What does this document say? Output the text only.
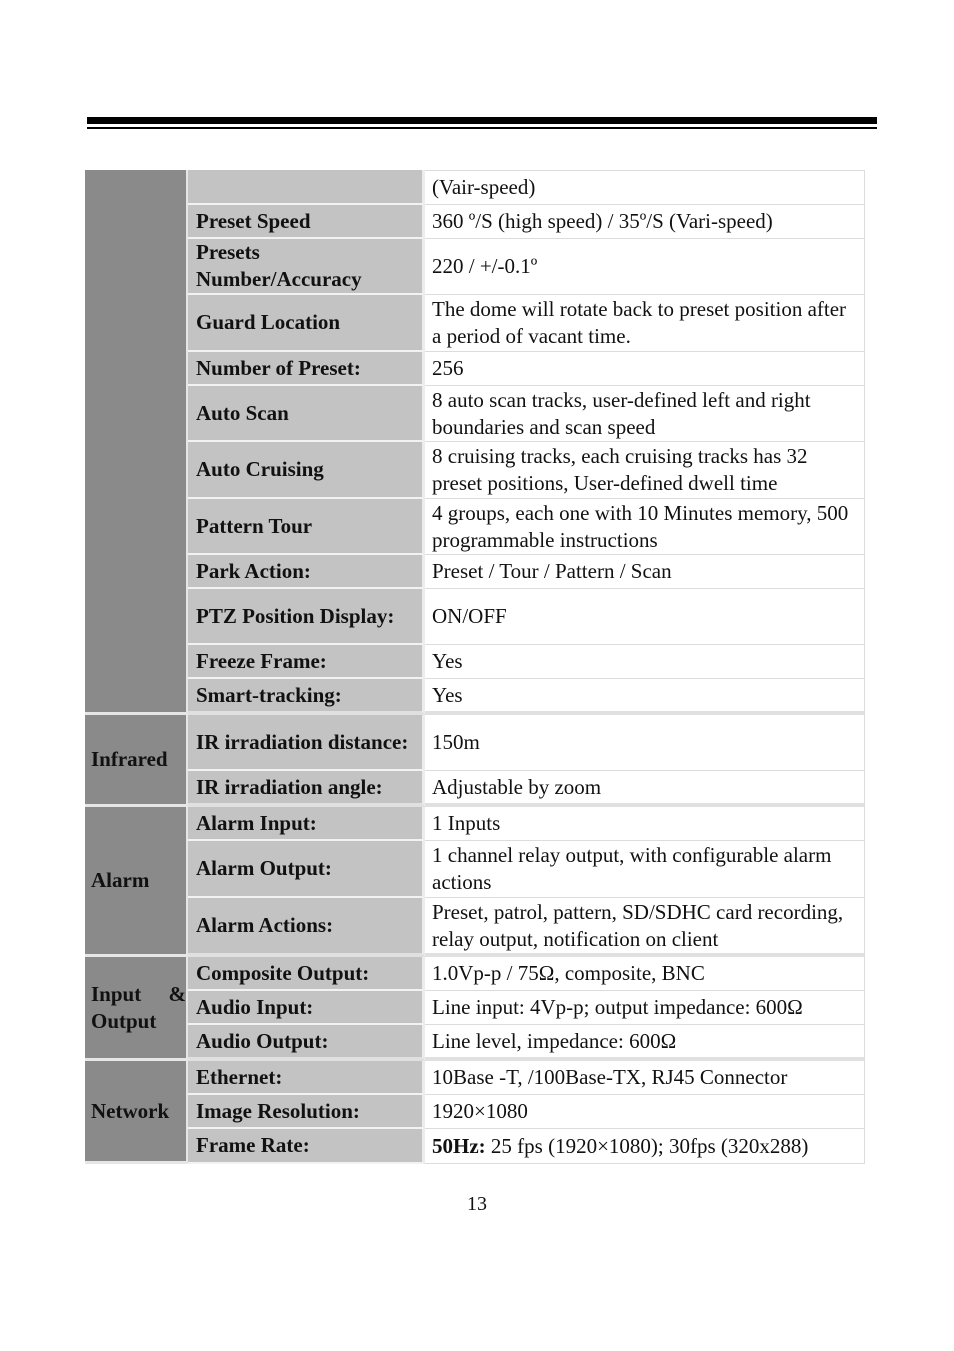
		(Vair-speed)
	Preset Speed	360 º/S (high speed) / 35º/S (Vari-speed)
	Presets Number/Accuracy	220 / +/-0.1º
	Guard Location	The dome will rotate back to preset position after a period of vacant time.
	Number of Preset:	256
	Auto Scan	8 auto scan tracks, user-defined left and right boundaries and scan speed
	Auto Cruising	8 cruising tracks, each cruising tracks has 32 preset positions, User-defined dwell time
	Pattern Tour	4 groups, each one with 10 Minutes memory, 500 programmable instructions
	Park Action:	Preset / Tour / Pattern / Scan
	PTZ Position Display:	ON/OFF
	Freeze Frame:	Yes
	Smart-tracking:	Yes
Infrared	IR irradiation distance:	150m
	IR irradiation angle:	Adjustable by zoom
Alarm	Alarm Input:	1 Inputs
	Alarm Output:	1 channel relay output, with configurable alarm actions
	Alarm Actions:	Preset, patrol, pattern, SD/SDHC card recording, relay output, notification on client

Input &
Output	Composite Output:	1.0Vp-p / 75Ω, composite, BNC
	Audio Input:	Line input: 4Vp-p; output impedance: 600Ω
	Audio Output:	Line level, impedance: 600Ω
Network	Ethernet:	10Base -T, /100Base-TX, RJ45 Connector
	Image Resolution:	1920×1080
	Frame Rate:	50Hz: 25 fps (1920×1080); 30fps (320x288)
13
